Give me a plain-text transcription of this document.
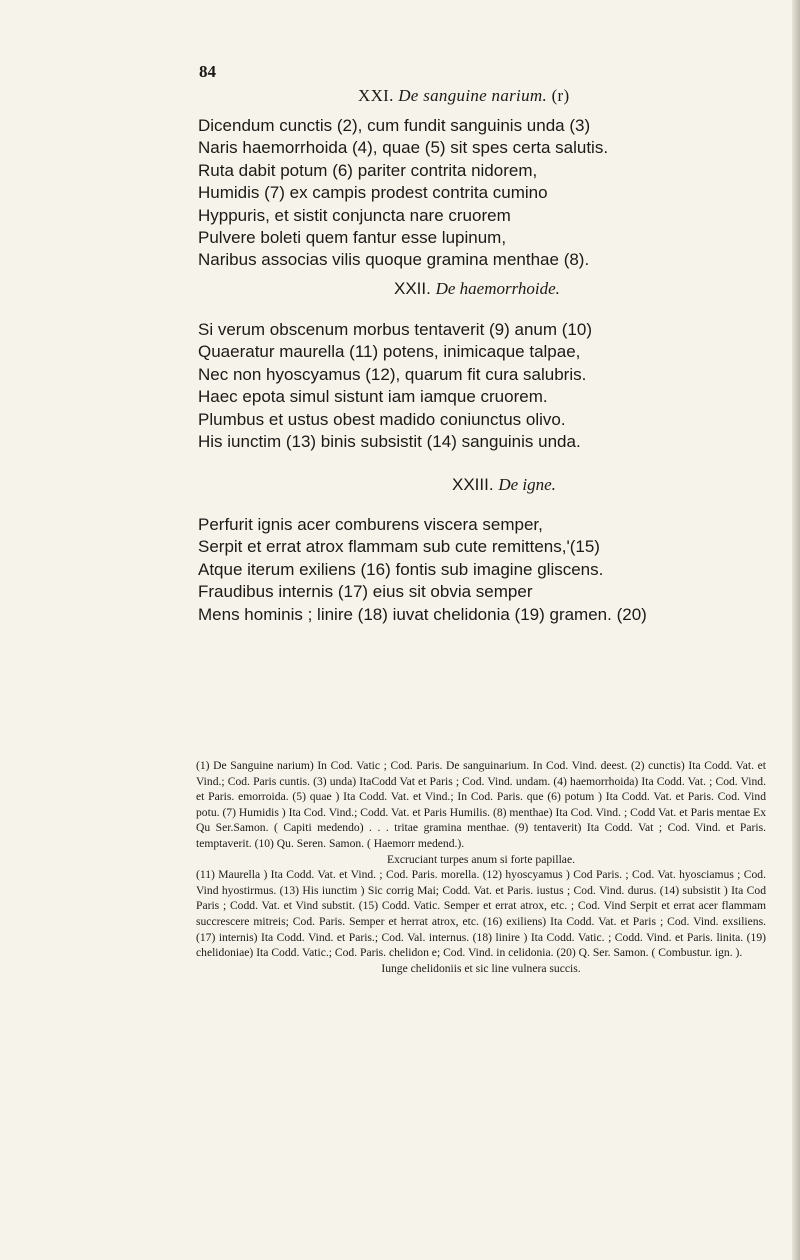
84
XXI. De sanguine narium. (r)
Dicendum cunctis (2), cum fundit sanguinis unda (3)
Naris haemorrhoida (4), quae (5) sit spes certa salutis.
Ruta dabit potum (6) pariter contrita nidorem,
Humidis (7) ex campis prodest contrita cumino
Hyppuris, et sistit conjuncta nare cruorem
Pulvere boleti quem fantur esse lupinum,
Naribus associas vilis quoque gramina menthae (8).
XXII. De haemorrhoide.
Si verum obscenum morbus tentaverit (9) anum (10)
Quaeratur maurella (11) potens, inimicaque talpae,
Nec non hyoscyamus (12), quarum fit cura salubris.
Haec epota simul sistunt iam iamque cruorem.
Plumbus et ustus obest madido coniunctus olivo.
His iunctim (13) binis subsistit (14) sanguinis unda.
XXIII. De igne.
Perfurit ignis acer comburens viscera semper,
Serpit et errat atrox flammam sub cute remittens,'(15)
Atque iterum exiliens (16) fontis sub imagine gliscens.
Fraudibus internis (17) eius sit obvia semper
Mens hominis ; linire (18) iuvat chelidonia (19) gramen. (20)

(1) De Sanguine narium) In Cod. Vatic ; Cod. Paris. De sanguinarium. In Cod. Vind. deest. (2) cunctis) Ita Codd. Vat. et Vind.; Cod. Paris cuntis. (3) unda) ItaCodd Vat et Paris ; Cod. Vind. undam. (4) haemorrhoida) Ita Codd. Vat. ; Cod. Vind. et Paris. emorroida. (5) quae ) Ita Codd. Vat. et Vind.; In Cod. Paris. que (6) potum ) Ita Codd. Vat. et Paris. Cod. Vind potu. (7) Humidis ) Ita Cod. Vind.; Codd. Vat. et Paris Humilis. (8) menthae) Ita Cod. Vind. ; Codd Vat. et Paris mentae Ex Qu Ser.Samon. ( Capiti medendo) . . . tritae gramina menthae. (9) tentaverit) Ita Codd. Vat ; Cod. Vind. et Paris. temptaverit. (10) Qu. Seren. Samon. ( Haemorr medend.).

Excruciant turpes anum si forte papillae.

(11) Maurella ) Ita Codd. Vat. et Vind. ; Cod. Paris. morella. (12) hyoscyamus ) Cod Paris. ; Cod. Vat. hyosciamus ; Cod. Vind hyostirmus. (13) His iunctim ) Sic corrig Mai; Codd. Vat. et Paris. iustus ; Cod. Vind. durus. (14) subsistit ) Ita Cod Paris ; Codd. Vat. et Vind substit. (15) Codd. Vatic. Semper et errat atrox, etc. ; Cod. Vind Serpit et errat acer flammam succrescere mitreis; Cod. Paris. Semper et herrat atrox, etc. (16) exiliens) Ita Codd. Vat. et Paris ; Cod. Vind. exsiliens. (17) internis) Ita Codd. Vind. et Paris.; Cod. Val. internus. (18) linire ) Ita Codd. Vatic. ; Codd. Vind. et Paris. linita. (19) chelidoniae) Ita Codd. Vatic.; Cod. Paris. chelidon e; Cod. Vind. in celidonia. (20) Q. Ser. Samon. ( Combustur. ign. ).

Iunge chelidoniis et sic line vulnera succis.
